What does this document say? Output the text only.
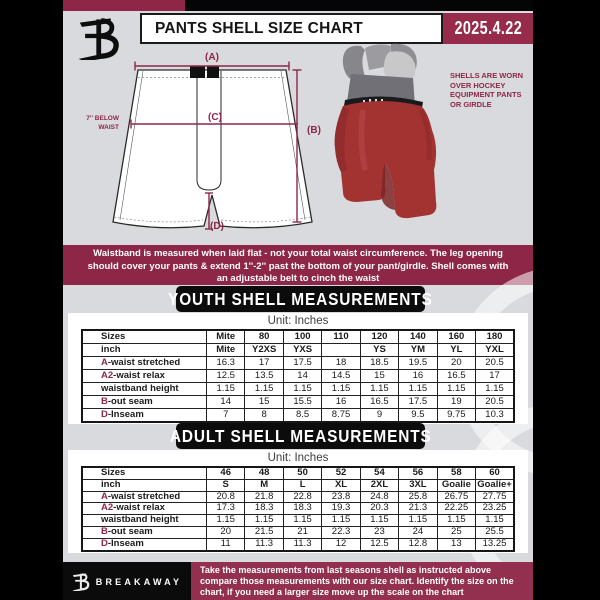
PANTS SHELL SIZE CHART	2025.4.22
(A)
(B)
(C)
(D)
7'' BELOW
WAIST
SHELLS ARE WORN OVER HOCKEY EQUIPMENT PANTS OR GIRDLE
Waistband is measured when laid flat - not your total waist circumference. The leg opening should cover your pants & extend 1''-2'' past the bottom of your pant/girdle. Shell comes with an adjustable belt to cinch the waist
YOUTH SHELL MEASUREMENTS
Unit: Inches
Sizes	Mite	80	100	110	120	140	160	180
inch	Mite	Y2XS	YXS		YS	YM	YL	YXL
A-waist stretched	16.3	17	17.5	18	18.5	19.5	20	20.5
A2-waist relax	12.5	13.5	14	14.5	15	16	16.5	17
waistband height	1.15	1.15	1.15	1.15	1.15	1.15	1.15	1.15
B-out seam	14	15	15.5	16	16.5	17.5	19	20.5
D-Inseam	7	8	8.5	8.75	9	9.5	9.75	10.3
ADULT SHELL MEASUREMENTS
Unit: Inches
Sizes	46	48	50	52	54	56	58	60
inch	S	M	L	XL	2XL	3XL	Goalie	Goalie+
A-waist stretched	20.8	21.8	22.8	23.8	24.8	25.8	26.75	27.75
A2-waist relax	17.3	18.3	18.3	19.3	20.3	21.3	22.25	23.25
waistband height	1.15	1.15	1.15	1.15	1.15	1.15	1.15	1.15
B-out seam	20	21.5	21	22.3	23	24	25	25.5
D-Inseam	11	11.3	11.3	12	12.5	12.8	13	13.25
BREAKAWAY
Take the measurements from last seasons shell as instructed above compare those measurements with our size chart. Identify the size on the chart, if you need a larger size move up the scale on the chart
